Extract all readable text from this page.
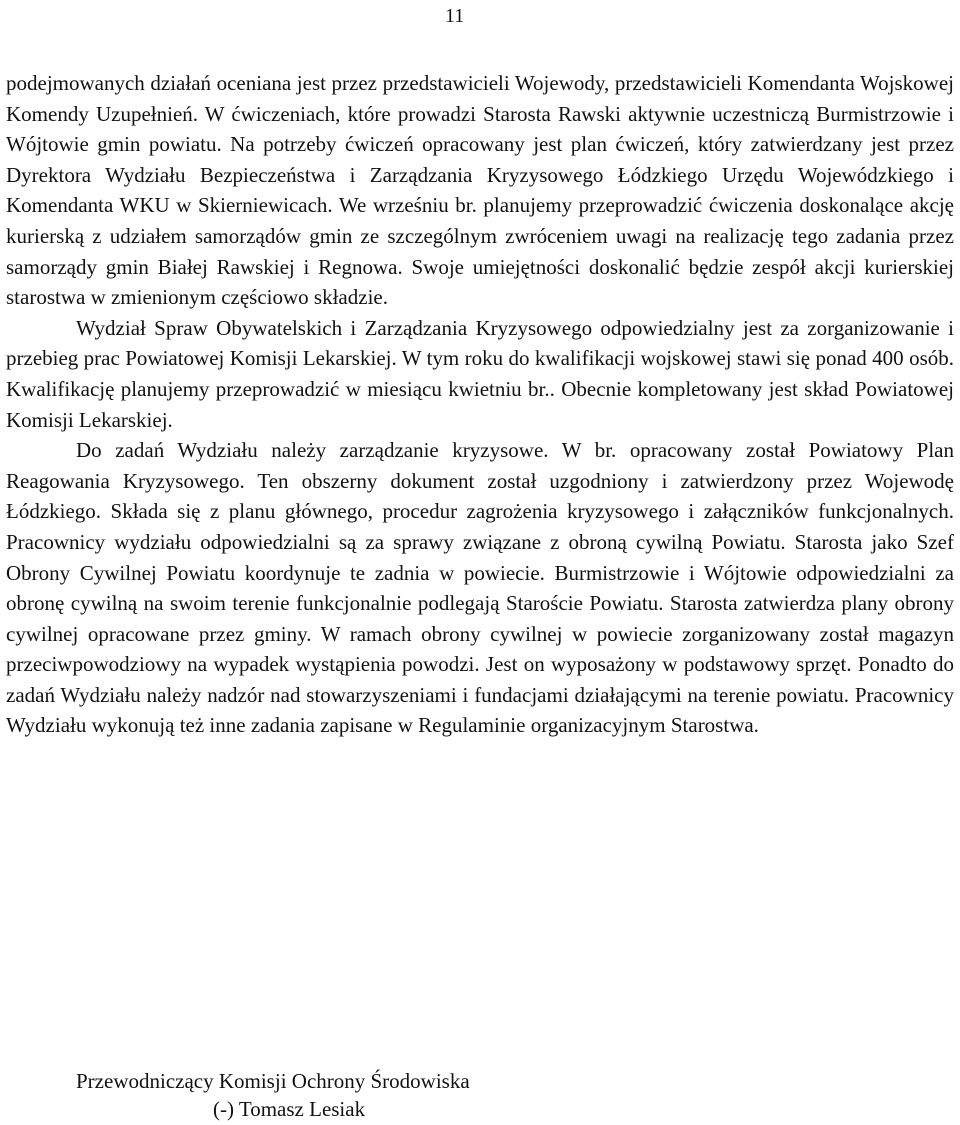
11

podejmowanych działań oceniana jest przez przedstawicieli Wojewody, przedstawicieli Komendanta Wojskowej Komendy Uzupełnień. W ćwiczeniach, które prowadzi Starosta Rawski aktywnie uczestniczą Burmistrzowie i Wójtowie gmin powiatu. Na potrzeby ćwiczeń opracowany jest plan ćwiczeń, który zatwierdzany jest przez Dyrektora Wydziału Bezpieczeństwa i Zarządzania Kryzysowego Łódzkiego Urzędu Wojewódzkiego i Komendanta WKU w Skierniewicach. We wrześniu br. planujemy przeprowadzić ćwiczenia doskonalące akcję kurierską z udziałem samorządów gmin ze szczególnym zwróceniem uwagi na realizację tego zadania przez samorządy gmin Białej Rawskiej i Regnowa. Swoje umiejętności doskonalić będzie zespół akcji kurierskiej starostwa w zmienionym częściowo składzie.

Wydział Spraw Obywatelskich i Zarządzania Kryzysowego odpowiedzialny jest za zorganizowanie i przebieg prac Powiatowej Komisji Lekarskiej. W tym roku do kwalifikacji wojskowej stawi się ponad 400 osób. Kwalifikację planujemy przeprowadzić w miesiącu kwietniu br.. Obecnie kompletowany jest skład Powiatowej Komisji Lekarskiej.

Do zadań Wydziału należy zarządzanie kryzysowe. W br. opracowany został Powiatowy Plan Reagowania Kryzysowego. Ten obszerny dokument został uzgodniony i zatwierdzony przez Wojewodę Łódzkiego. Składa się z planu głównego, procedur zagrożenia kryzysowego i załączników funkcjonalnych. Pracownicy wydziału odpowiedzialni są za sprawy związane z obroną cywilną Powiatu. Starosta jako Szef Obrony Cywilnej Powiatu koordynuje te zadnia w powiecie. Burmistrzowie i Wójtowie odpowiedzialni za obronę cywilną na swoim terenie funkcjonalnie podlegają Staroście Powiatu. Starosta zatwierdza plany obrony cywilnej opracowane przez gminy. W ramach obrony cywilnej w powiecie zorganizowany został magazyn przeciwpowodziowy na wypadek wystąpienia powodzi. Jest on wyposażony w podstawowy sprzęt. Ponadto do zadań Wydziału należy nadzór nad stowarzyszeniami i fundacjami działającymi na terenie powiatu. Pracownicy Wydziału wykonują też inne zadania zapisane w Regulaminie organizacyjnym Starostwa.

Przewodniczący Komisji Ochrony Środowiska
(-) Tomasz Lesiak
